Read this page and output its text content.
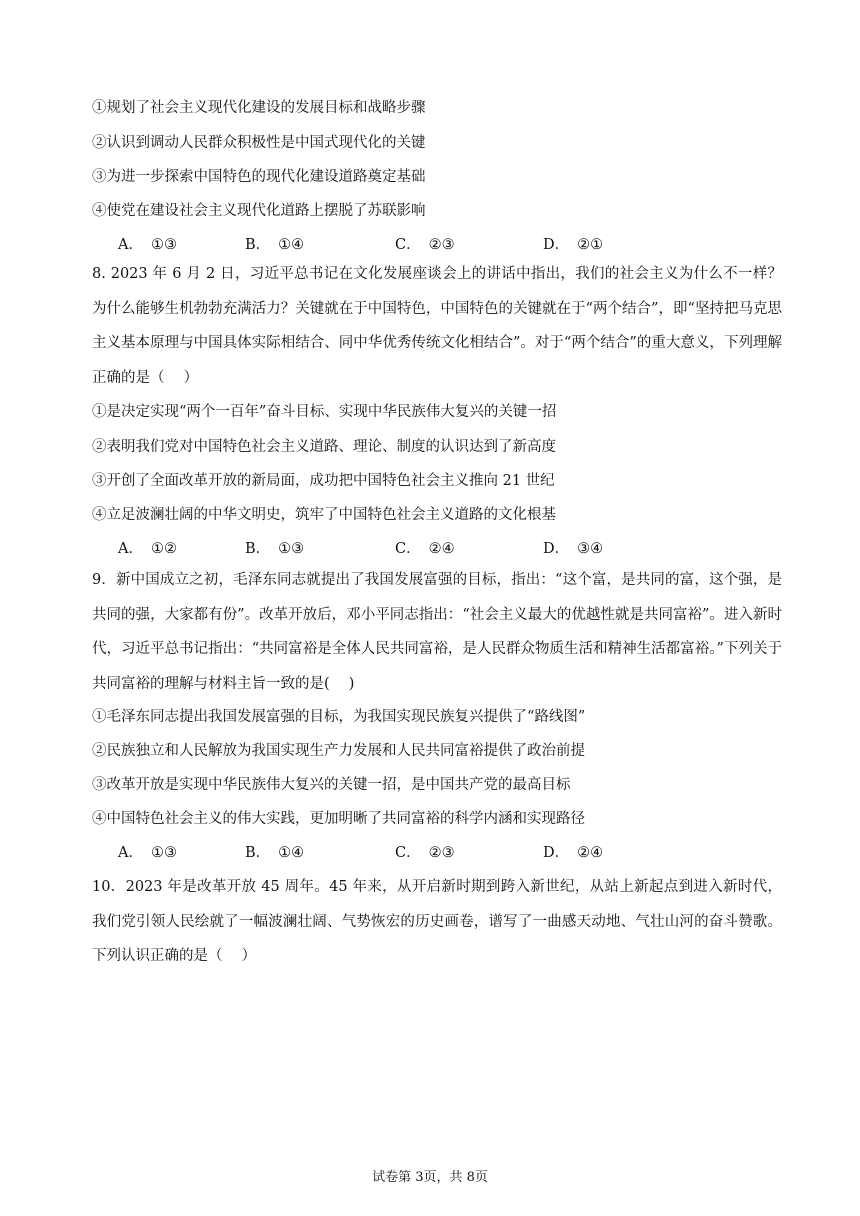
①规划了社会主义现代化建设的发展目标和战略步骤
②认识到调动人民群众积极性是中国式现代化的关键
③为进一步探索中国特色的现代化建设道路奠定基础
④使党在建设社会主义现代化道路上摆脱了苏联影响
A． ①③	B． ①④	C． ②③	D． ②①
8. 2023 年 6 月 2 日，习近平总书记在文化发展座谈会上的讲话中指出，我们的社会主义为什么不一样？为什么能够生机勃勃充满活力？关键就在于中国特色，中国特色的关键就在于“两个结合”，即“坚持把马克思主义基本原理与中国具体实际相结合、同中华优秀传统文化相结合”。对于“两个结合”的重大意义，下列理解正确的是（　 ）
①是决定实现“两个一百年”奋斗目标、实现中华民族伟大复兴的关键一招
②表明我们党对中国特色社会主义道路、理论、制度的认识达到了新高度
③开创了全面改革开放的新局面，成功把中国特色社会主义推向 21 世纪
④立足波澜壮阔的中华文明史，筑牢了中国特色社会主义道路的文化根基
A． ①②	B． ①③	C． ②④	D． ③④
9．新中国成立之初，毛泽东同志就提出了我国发展富强的目标，指出：“这个富，是共同的富，这个强，是共同的强，大家都有份”。改革开放后，邓小平同志指出：“社会主义最大的优越性就是共同富裕”。进入新时代，习近平总书记指出：“共同富裕是全体人民共同富裕，是人民群众物质生活和精神生活都富裕。”下列关于共同富裕的理解与材料主旨一致的是(　 )
①毛泽东同志提出我国发展富强的目标，为我国实现民族复兴提供了“路线图”
②民族独立和人民解放为我国实现生产力发展和人民共同富裕提供了政治前提
③改革开放是实现中华民族伟大复兴的关键一招，是中国共产党的最高目标
④中国特色社会主义的伟大实践，更加明晰了共同富裕的科学内涵和实现路径
A． ①③	B． ①④	C． ②③	D． ②④
10．2023 年是改革开放 45 周年。45 年来，从开启新时期到跨入新世纪，从站上新起点到进入新时代，我们党引领人民绘就了一幅波澜壮阔、气势恢宏的历史画卷，谱写了一曲感天动地、气壮山河的奋斗赞歌。下列认识正确的是（　 ）
试卷第 3页，共 8页
